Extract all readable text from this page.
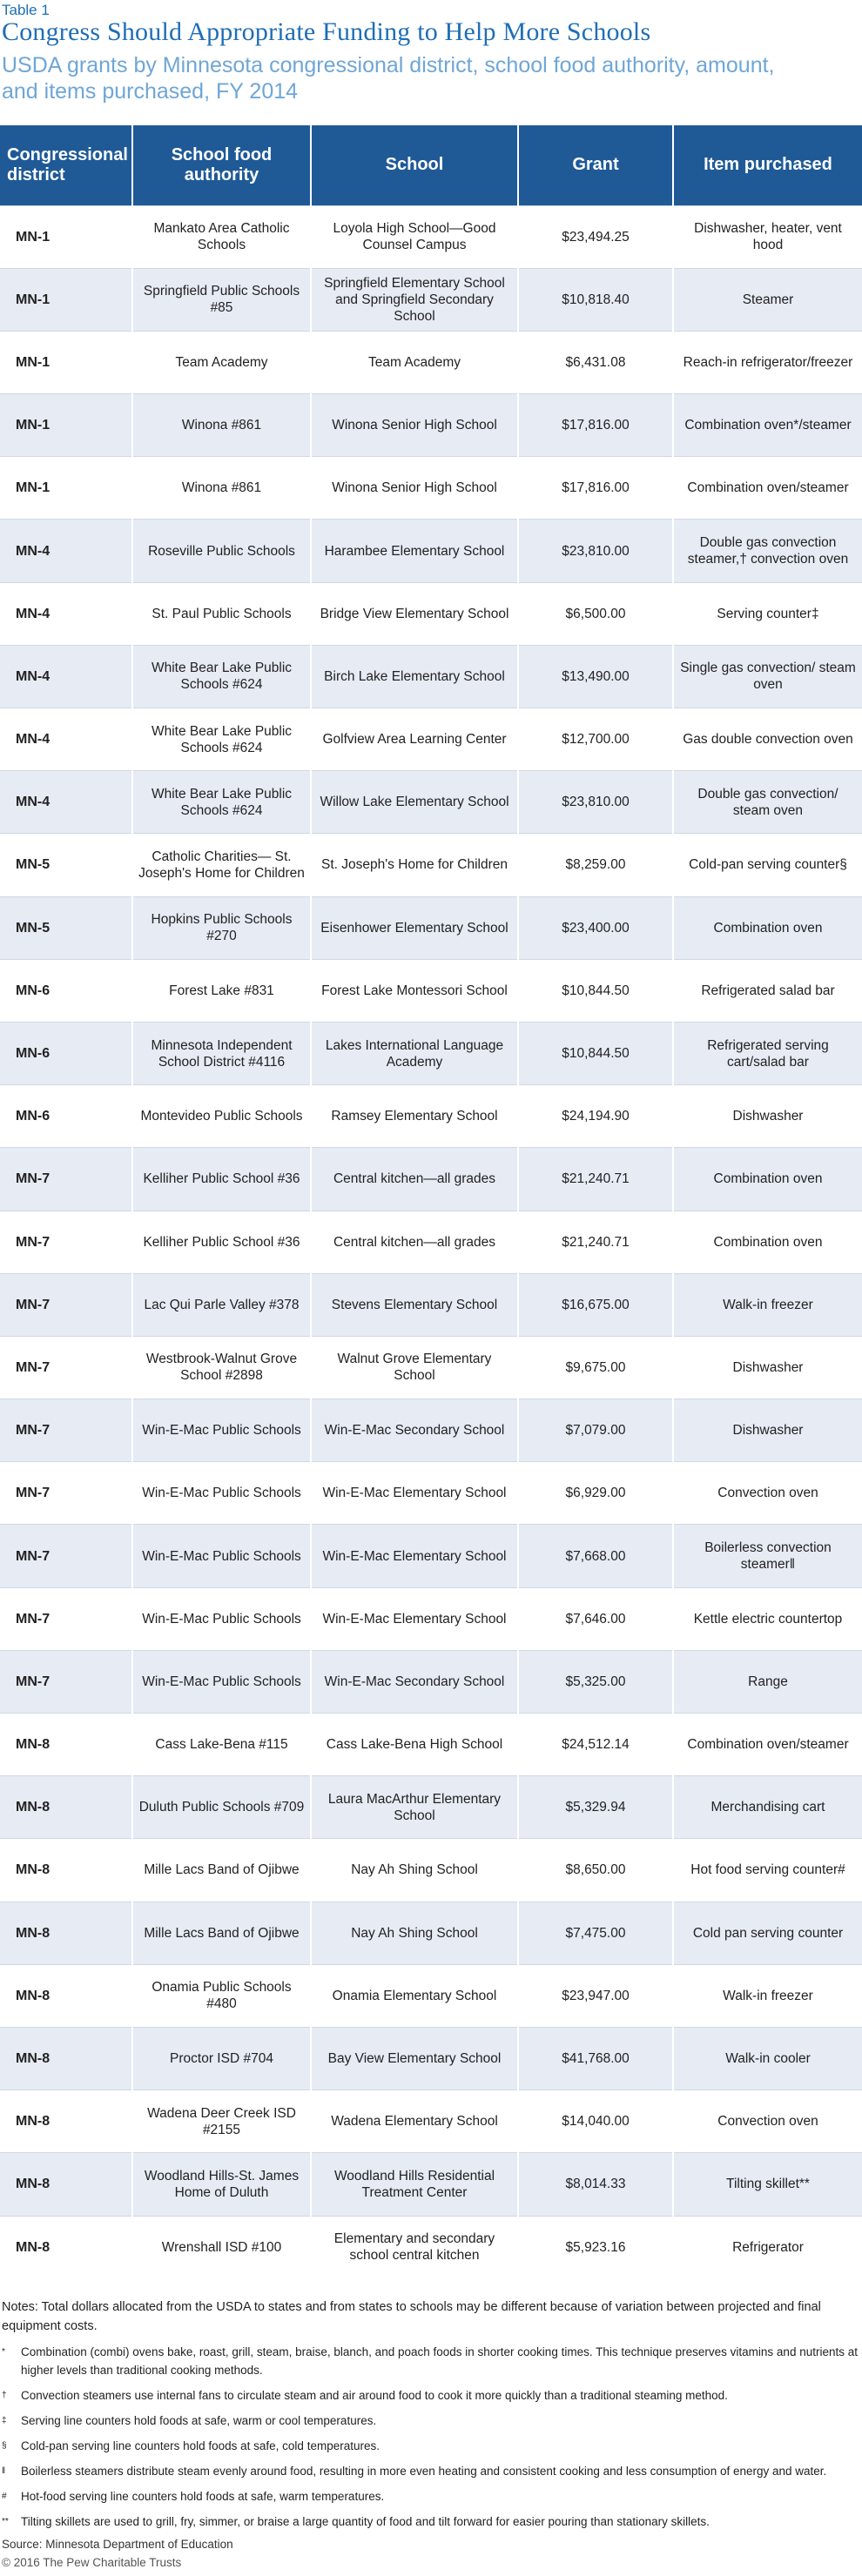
Table 1
Congress Should Appropriate Funding to Help More Schools
USDA grants by Minnesota congressional district, school food authority, amount, and items purchased, FY 2014
Congressional district	School food authority	School	Grant	Item purchased
MN-1	Mankato Area Catholic Schools	Loyola High School—Good Counsel Campus	$23,494.25	Dishwasher, heater, vent hood
MN-1	Springfield Public Schools #85	Springfield Elementary School and Springfield Secondary School	$10,818.40	Steamer
MN-1	Team Academy	Team Academy	$6,431.08	Reach-in refrigerator/freezer
MN-1	Winona #861	Winona Senior High School	$17,816.00	Combination oven*/steamer
MN-1	Winona #861	Winona Senior High School	$17,816.00	Combination oven/steamer
MN-4	Roseville Public Schools	Harambee Elementary School	$23,810.00	Double gas convection steamer,† convection oven
MN-4	St. Paul Public Schools	Bridge View Elementary School	$6,500.00	Serving counter‡
MN-4	White Bear Lake Public Schools #624	Birch Lake Elementary School	$13,490.00	Single gas convection/ steam oven
MN-4	White Bear Lake Public Schools #624	Golfview Area Learning Center	$12,700.00	Gas double convection oven
MN-4	White Bear Lake Public Schools #624	Willow Lake Elementary School	$23,810.00	Double gas convection/ steam oven
MN-5	Catholic Charities— St. Joseph's Home for Children	St. Joseph's Home for Children	$8,259.00	Cold-pan serving counter§
MN-5	Hopkins Public Schools #270	Eisenhower Elementary School	$23,400.00	Combination oven
MN-6	Forest Lake #831	Forest Lake Montessori School	$10,844.50	Refrigerated salad bar
MN-6	Minnesota Independent School District #4116	Lakes International Language Academy	$10,844.50	Refrigerated serving cart/salad bar
MN-6	Montevideo Public Schools	Ramsey Elementary School	$24,194.90	Dishwasher
MN-7	Kelliher Public School #36	Central kitchen—all grades	$21,240.71	Combination oven
MN-7	Kelliher Public School #36	Central kitchen—all grades	$21,240.71	Combination oven
MN-7	Lac Qui Parle Valley #378	Stevens Elementary School	$16,675.00	Walk-in freezer
MN-7	Westbrook-Walnut Grove School #2898	Walnut Grove Elementary School	$9,675.00	Dishwasher
MN-7	Win-E-Mac Public Schools	Win-E-Mac Secondary School	$7,079.00	Dishwasher
MN-7	Win-E-Mac Public Schools	Win-E-Mac Elementary School	$6,929.00	Convection oven
MN-7	Win-E-Mac Public Schools	Win-E-Mac Elementary School	$7,668.00	Boilerless convection steamer‖
MN-7	Win-E-Mac Public Schools	Win-E-Mac Elementary School	$7,646.00	Kettle electric countertop
MN-7	Win-E-Mac Public Schools	Win-E-Mac Secondary School	$5,325.00	Range
MN-8	Cass Lake-Bena #115	Cass Lake-Bena High School	$24,512.14	Combination oven/steamer
MN-8	Duluth Public Schools #709	Laura MacArthur Elementary School	$5,329.94	Merchandising cart
MN-8	Mille Lacs Band of Ojibwe	Nay Ah Shing School	$8,650.00	Hot food serving counter#
MN-8	Mille Lacs Band of Ojibwe	Nay Ah Shing School	$7,475.00	Cold pan serving counter
MN-8	Onamia Public Schools #480	Onamia Elementary School	$23,947.00	Walk-in freezer
MN-8	Proctor ISD #704	Bay View Elementary School	$41,768.00	Walk-in cooler
MN-8	Wadena Deer Creek ISD #2155	Wadena Elementary School	$14,040.00	Convection oven
MN-8	Woodland Hills-St. James Home of Duluth	Woodland Hills Residential Treatment Center	$8,014.33	Tilting skillet**
MN-8	Wrenshall ISD #100	Elementary and secondary school central kitchen	$5,923.16	Refrigerator
Notes: Total dollars allocated from the USDA to states and from states to schools may be different because of variation between projected and final equipment costs.
* Combination (combi) ovens bake, roast, grill, steam, braise, blanch, and poach foods in shorter cooking times. This technique preserves vitamins and nutrients at higher levels than traditional cooking methods.
† Convection steamers use internal fans to circulate steam and air around food to cook it more quickly than a traditional steaming method.
‡ Serving line counters hold foods at safe, warm or cool temperatures.
§ Cold-pan serving line counters hold foods at safe, cold temperatures.
‖ Boilerless steamers distribute steam evenly around food, resulting in more even heating and consistent cooking and less consumption of energy and water.
# Hot-food serving line counters hold foods at safe, warm temperatures.
** Tilting skillets are used to grill, fry, simmer, or braise a large quantity of food and tilt forward for easier pouring than stationary skillets.
Source: Minnesota Department of Education
© 2016 The Pew Charitable Trusts
